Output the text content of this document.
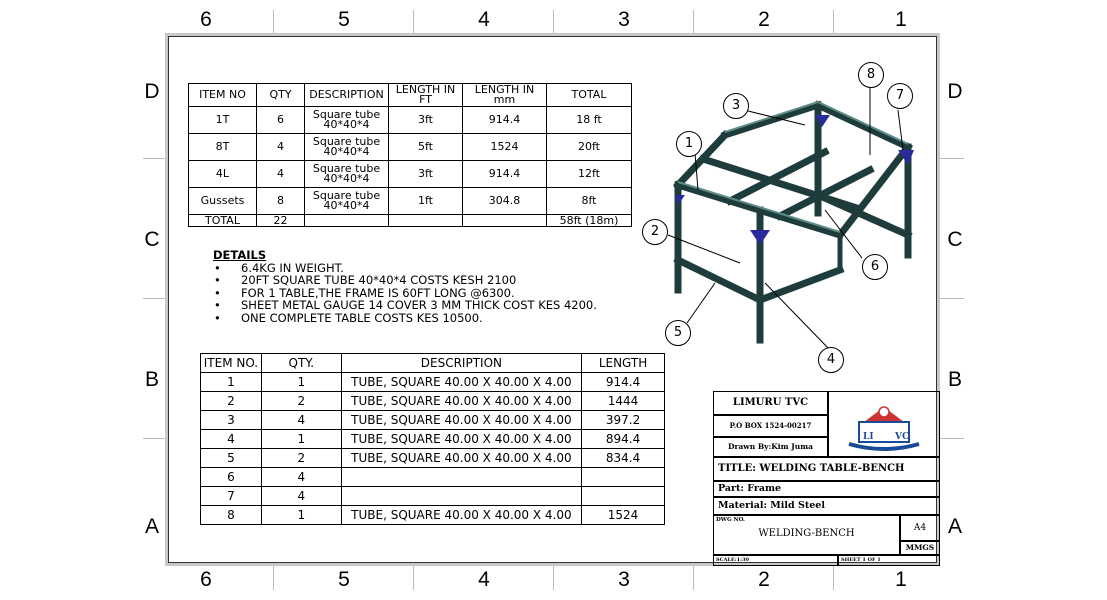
6	5	4	3	2	1
6	5	4	3	2	1
D
C
B
A
D
C
B
A
ITEM NO	QTY	DESCRIPTION	LENGTH IN FT	LENGTH IN mm	TOTAL
1T	6	Square tube 40*40*4	3ft	914.4	18 ft
8T	4	Square tube 40*40*4	5ft	1524	20ft
4L	4	Square tube 40*40*4	3ft	914.4	12ft
Gussets	8	Square tube 40*40*4	1ft	304.8	8ft
TOTAL	22				58ft (18m)
DETAILS
• 6.4KG IN WEIGHT.
• 20FT SQUARE TUBE 40*40*4 COSTS KESH 2100
• FOR 1 TABLE,THE FRAME IS 60FT LONG @6300.
• SHEET METAL GAUGE 14 COVER 3 MM THICK COST KES 4200.
• ONE COMPLETE TABLE COSTS KES 10500.
ITEM NO.	QTY.	DESCRIPTION	LENGTH
1	1	TUBE, SQUARE 40.00 X 40.00 X 4.00	914.4
2	2	TUBE, SQUARE 40.00 X 40.00 X 4.00	1444
3	4	TUBE, SQUARE 40.00 X 40.00 X 4.00	397.2
4	1	TUBE, SQUARE 40.00 X 40.00 X 4.00	894.4
5	2	TUBE, SQUARE 40.00 X 40.00 X 4.00	834.4
6	4		
7	4		
8	1	TUBE, SQUARE 40.00 X 40.00 X 4.00	1524
1
2
3
4
5
6
7
8
LIMURU TVC
LI VC
P.O BOX 1524-00217
Drawn By:Kim Juma
TITLE: WELDING TABLE-BENCH
Part: Frame
Material: Mild Steel
DWG NO.
WELDING-BENCH	A4
MMGS
SCALE:1:30	SHEET 1 OF 1
